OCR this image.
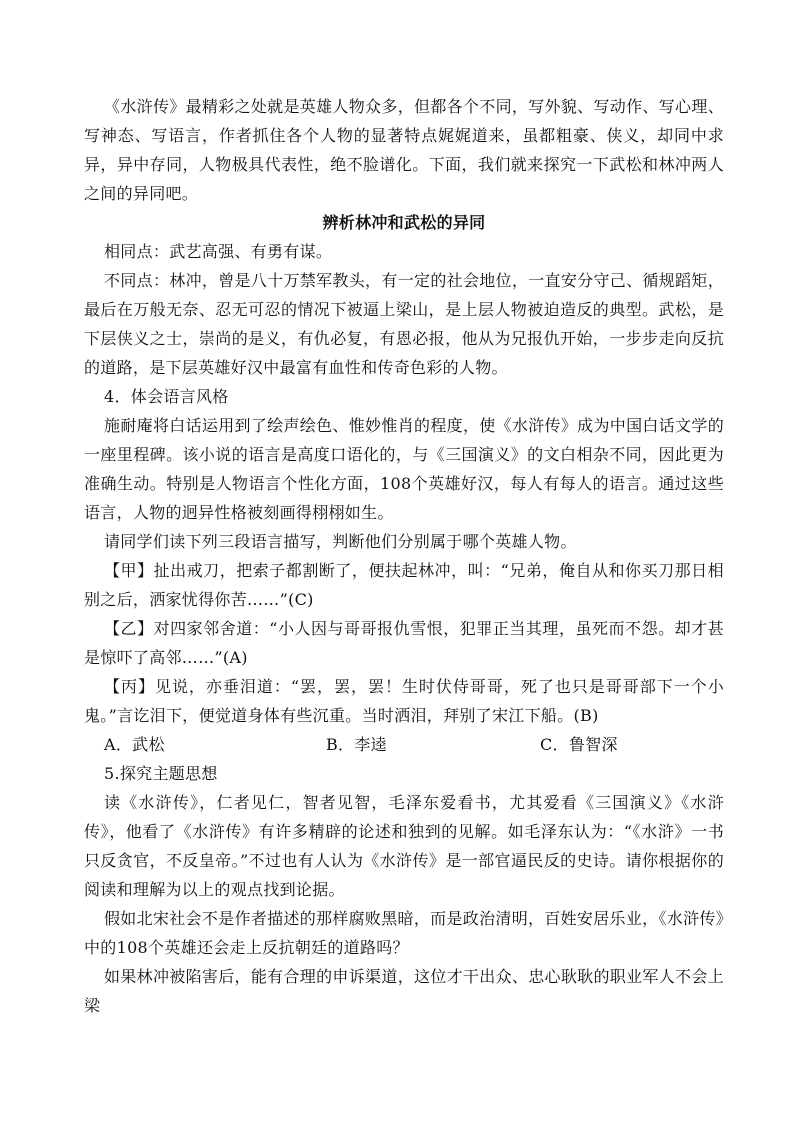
《水浒传》最精彩之处就是英雄人物众多，但都各个不同，写外貌、写动作、写心理、写神态、写语言，作者抓住各个人物的显著特点娓娓道来，虽都粗豪、侠义，却同中求异，异中存同，人物极具代表性，绝不脸谱化。下面，我们就来探究一下武松和林冲两人之间的异同吧。

辨析林冲和武松的异同

相同点：武艺高强、有勇有谋。

不同点：林冲，曾是八十万禁军教头，有一定的社会地位，一直安分守己、循规蹈矩，最后在万般无奈、忍无可忍的情况下被逼上梁山，是上层人物被迫造反的典型。武松，是下层侠义之士，崇尚的是义，有仇必复，有恩必报，他从为兄报仇开始，一步步走向反抗的道路，是下层英雄好汉中最富有血性和传奇色彩的人物。

4．体会语言风格

施耐庵将白话运用到了绘声绘色、惟妙惟肖的程度，使《水浒传》成为中国白话文学的一座里程碑。该小说的语言是高度口语化的，与《三国演义》的文白相杂不同，因此更为准确生动。特别是人物语言个性化方面，108个英雄好汉，每人有每人的语言。通过这些语言，人物的迥异性格被刻画得栩栩如生。

请同学们读下列三段语言描写，判断他们分别属于哪个英雄人物。

【甲】扯出戒刀，把索子都割断了，便扶起林冲，叫：“兄弟，俺自从和你买刀那日相别之后，洒家忧得你苦……”(C)

【乙】对四家邻舍道：“小人因与哥哥报仇雪恨，犯罪正当其理，虽死而不怨。却才甚是惊吓了高邻……”(A)

【丙】见说，亦垂泪道：“罢，罢，罢！生时伏侍哥哥，死了也只是哥哥部下一个小鬼。”言讫泪下，便觉道身体有些沉重。当时洒泪，拜别了宋江下船。(B)

A．武松	B．李逵	C．鲁智深

5.探究主题思想

读《水浒传》，仁者见仁，智者见智，毛泽东爱看书，尤其爱看《三国演义》《水浒传》，他看了《水浒传》有许多精辟的论述和独到的见解。如毛泽东认为：“《水浒》一书只反贪官，不反皇帝。”不过也有人认为《水浒传》是一部官逼民反的史诗。请你根据你的阅读和理解为以上的观点找到论据。

假如北宋社会不是作者描述的那样腐败黑暗，而是政治清明，百姓安居乐业，《水浒传》中的108个英雄还会走上反抗朝廷的道路吗？

如果林冲被陷害后，能有合理的申诉渠道，这位才干出众、忠心耿耿的职业军人不会上梁
